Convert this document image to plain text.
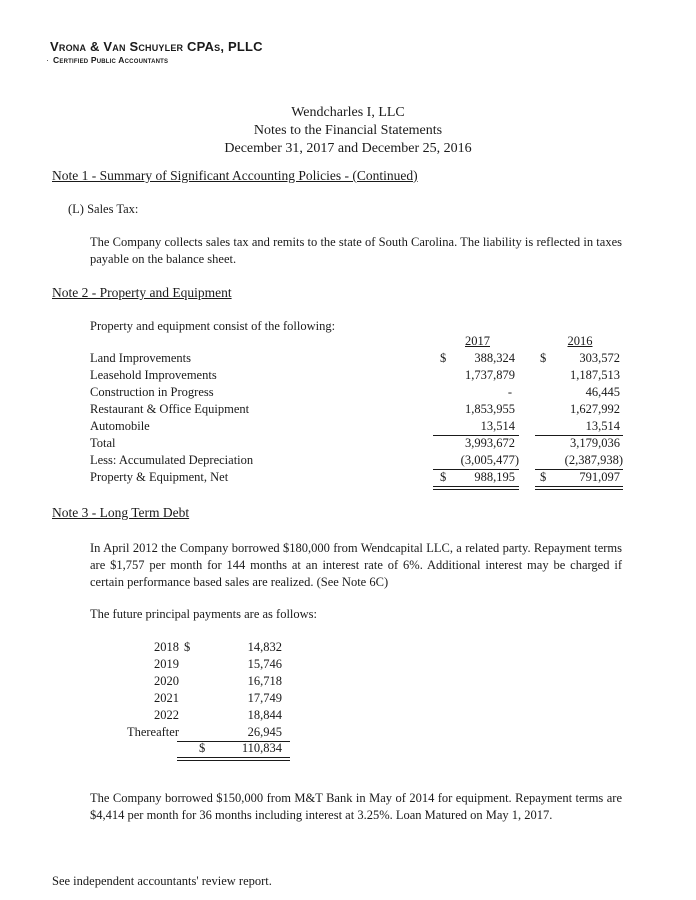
Vrona & Van Schuyler CPAs, PLLC
· Certified Public Accountants
Wendcharles I, LLC
Notes to the Financial Statements
December 31, 2017 and December 25, 2016
Note 1 - Summary of Significant Accounting Policies - (Continued)
(L) Sales Tax:
The Company collects sales tax and remits to the state of South Carolina. The liability is reflected in taxes payable on the balance sheet.
Note 2 - Property and Equipment
Property and equipment consist of the following:
2017	2016
Land Improvements	$	388,324 $	303,572
Leasehold Improvements	1,737,879	1,187,513
Construction in Progress	-	46,445
Restaurant & Office Equipment	1,853,955	1,627,992
Automobile	13,514	13,514
Total	3,993,672	3,179,036
Less: Accumulated Depreciation	(3,005,477)	(2,387,938)
Property & Equipment, Net	$	988,195 $	791,097
Note 3 - Long Term Debt
In April 2012 the Company borrowed $180,000 from Wendcapital LLC, a related party. Repayment terms are $1,757 per month for 144 months at an interest rate of 6%. Additional interest may be charged if certain performance based sales are realized. (See Note 6C)
The future principal payments are as follows:
2018 $	14,832
2019	15,746
2020	16,718
2021	17,749
2022	18,844
Thereafter	26,945
$	110,834
The Company borrowed $150,000 from M&T Bank in May of 2014 for equipment. Repayment terms are $4,414 per month for 36 months including interest at 3.25%. Loan Matured on May 1, 2017.
See independent accountants' review report.
